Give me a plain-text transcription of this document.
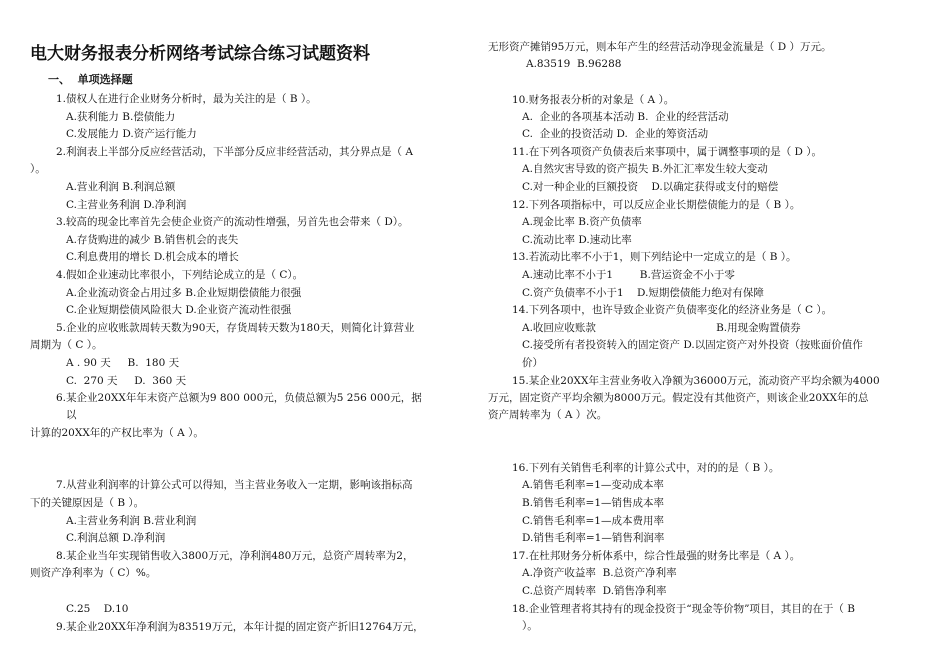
电大财务报表分析网络考试综合练习试题资料
一、  单项选择题
1.债权人在进行企业财务分析时，最为关注的是（ B ）。
A.获利能力 B.偿债能力
C.发展能力 D.资产运行能力
2.利润表上半部分反应经营活动，下半部分反应非经营活动，其分界点是（ A
）。
A.营业利润 B.利润总额
C.主营业务利润 D.净利润
3.较高的现金比率首先会使企业资产的流动性增强，另首先也会带来（ D）。
A.存货购进的减少 B.销售机会的丧失
C.利息费用的增长 D.机会成本的增长
4.假如企业速动比率很小，下列结论成立的是（ C）。
A.企业流动资金占用过多 B.企业短期偿债能力很强
C.企业短期偿债风险很大 D.企业资产流动性很强
5.企业的应收账款周转天数为90天，存货周转天数为180天，则简化计算营业
周期为（ C ）。
A . 90 天     B.  180 天
C.  270 天     D.  360 天
6.某企业20XX年年末资产总额为9 800 000元，负债总额为5 256 000元，据
以
计算的20XX年的产权比率为（ A ）。
7.从营业利润率的计算公式可以得知，当主营业务收入一定期，影响该指标高
下的关键原因是（ B ）。
A.主营业务利润 B.营业利润
C.利润总额 D.净利润
8.某企业当年实现销售收入3800万元，净利润480万元，总资产周转率为2，
则资产净利率为（ C）%。
C.25    D.10
9.某企业20XX年净利润为83519万元，本年计提的固定资产折旧12764万元，
无形资产摊销95万元，则本年产生的经营活动净现金流量是（ D ）万元。
A.83519  B.96288
10.财务报表分析的对象是（ A ）。
A.  企业的各项基本活动 B.  企业的经营活动
C.  企业的投资活动 D.  企业的筹资活动
11.在下列各项资产负债表后来事项中，属于调整事项的是（ D ）。
A.自然灾害导致的资产损失 B.外汇汇率发生较大变动
C.对一种企业的巨额投资    D.以确定获得或支付的赔偿
12.下列各项指标中，可以反应企业长期偿债能力的是（ B ）。
A.现金比率 B.资产负债率
C.流动比率 D.速动比率
13.若流动比率不小于1，则下列结论中一定成立的是（ B ）。
A.速动比率不小于1        B.营运资金不小于零
C.资产负债率不小于1    D.短期偿债能力绝对有保障
14.下列各项中，也许导致企业资产负债率变化的经济业务是（ C ）。
A.收回应收账款                                    B.用现金购置债券
C.接受所有者投资转入的固定资产 D.以固定资产对外投资（按账面价值作
价）
15.某企业20XX年主营业务收入净额为36000万元，流动资产平均余额为4000
万元，固定资产平均余额为8000万元。假定没有其他资产，则该企业20XX年的总
资产周转率为（ A ）次。
16.下列有关销售毛利率的计算公式中，对的的是（ B ）。
A.销售毛利率=1—变动成本率
B.销售毛利率=1—销售成本率
C.销售毛利率=1—成本费用率
D.销售毛利率=1—销售利润率
17.在杜邦财务分析体系中，综合性最强的财务比率是（ A ）。
A.净资产收益率  B.总资产净利率
C.总资产周转率  D.销售净利率
18.企业管理者将其持有的现金投资于“现金等价物”项目，其目的在于（ B
）。
